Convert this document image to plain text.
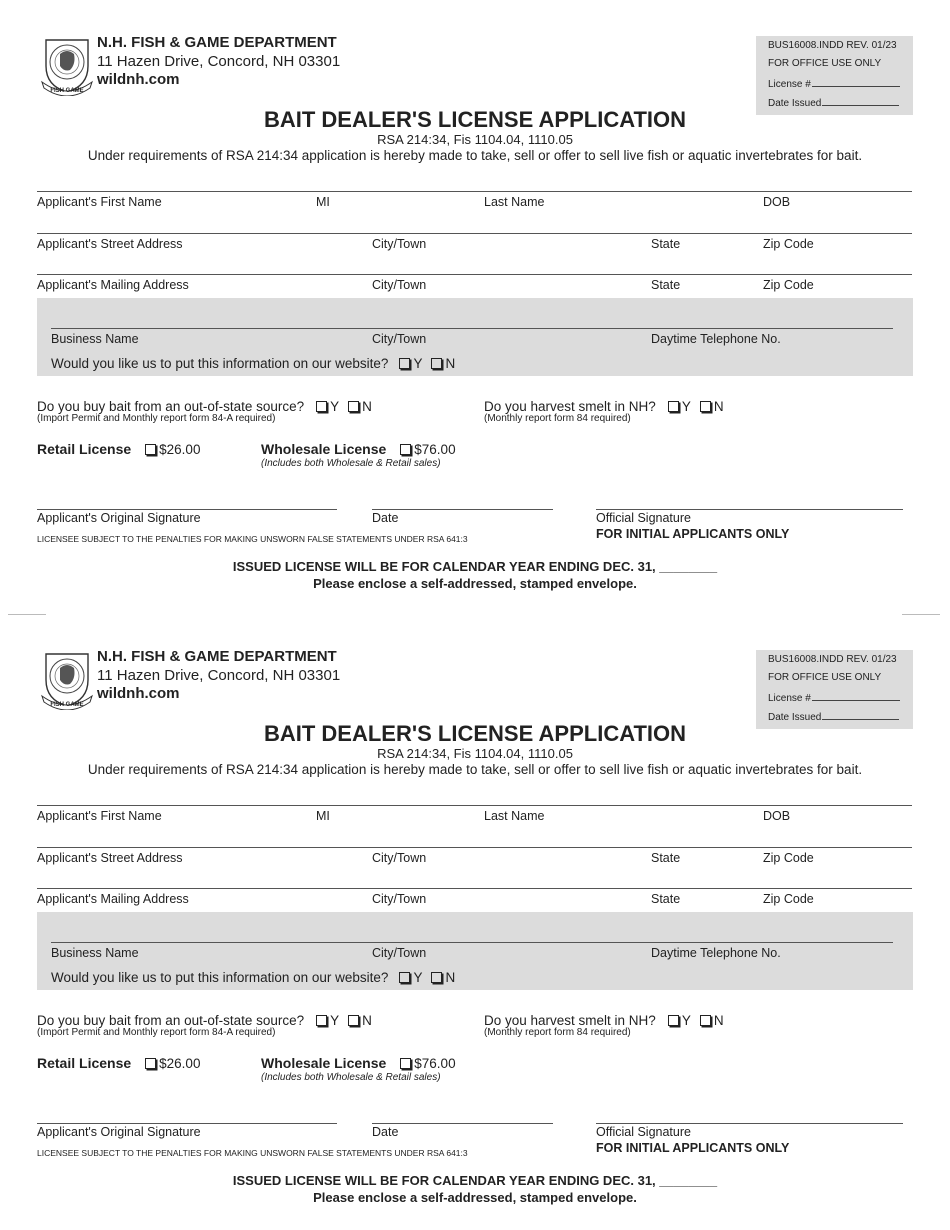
FISH GAME
N.H. FISH & GAME DEPARTMENT
11 Hazen Drive, Concord, NH 03301
wildnh.com
BUS16008.INDD REV. 01/23
FOR OFFICE USE ONLY
License #
Date Issued
BAIT DEALER'S LICENSE APPLICATION
RSA 214:34, Fis 1104.04, 1110.05
Under requirements of RSA 214:34 application is hereby made to take, sell or offer to sell live fish or aquatic invertebrates for bait.
Applicant's First Name	MI	Last Name	DOB
Applicant's Street Address	City/Town	State	Zip Code
Applicant's Mailing Address	City/Town	State	Zip Code
Business Name	City/Town	Daytime Telephone No.
Would you like us to put this information on our website? Y N
Do you buy bait from an out-of-state source? Y N
(Import Permit and Monthly report form 84-A required)
Do you harvest smelt in NH? Y N
(Monthly report form 84 required)
Retail License $26.00	Wholesale License $76.00
(Includes both Wholesale & Retail sales)
Applicant's Original Signature	Date	Official Signature
LICENSEE SUBJECT TO THE PENALTIES FOR MAKING UNSWORN FALSE STATEMENTS UNDER RSA 641:3	FOR INITIAL APPLICANTS ONLY
ISSUED LICENSE WILL BE FOR CALENDAR YEAR ENDING DEC. 31, ________
Please enclose a self-addressed, stamped envelope.
FISH GAME
N.H. FISH & GAME DEPARTMENT
11 Hazen Drive, Concord, NH 03301
wildnh.com
BUS16008.INDD REV. 01/23
FOR OFFICE USE ONLY
License #
Date Issued
BAIT DEALER'S LICENSE APPLICATION
RSA 214:34, Fis 1104.04, 1110.05
Under requirements of RSA 214:34 application is hereby made to take, sell or offer to sell live fish or aquatic invertebrates for bait.
Applicant's First Name	MI	Last Name	DOB
Applicant's Street Address	City/Town	State	Zip Code
Applicant's Mailing Address	City/Town	State	Zip Code
Business Name	City/Town	Daytime Telephone No.
Would you like us to put this information on our website? Y N
Do you buy bait from an out-of-state source? Y N
(Import Permit and Monthly report form 84-A required)
Do you harvest smelt in NH? Y N
(Monthly report form 84 required)
Retail License $26.00	Wholesale License $76.00
(Includes both Wholesale & Retail sales)
Applicant's Original Signature	Date	Official Signature
LICENSEE SUBJECT TO THE PENALTIES FOR MAKING UNSWORN FALSE STATEMENTS UNDER RSA 641:3	FOR INITIAL APPLICANTS ONLY
ISSUED LICENSE WILL BE FOR CALENDAR YEAR ENDING DEC. 31, ________
Please enclose a self-addressed, stamped envelope.
